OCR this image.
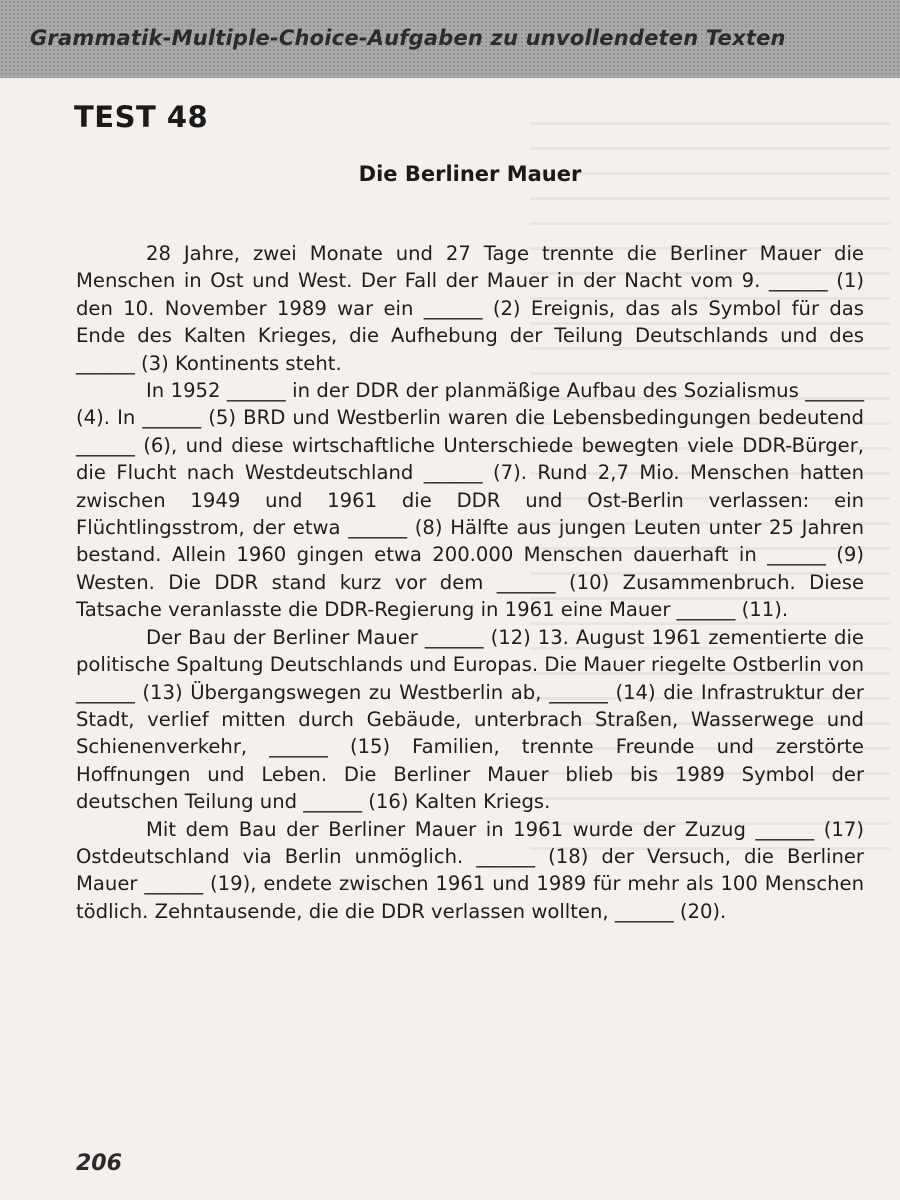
Grammatik-Multiple-Choice-Aufgaben zu unvollendeten Texten
TEST 48
Die Berliner Mauer

28 Jahre, zwei Monate und 27 Tage trennte die Berliner Mauer die Menschen in Ost und West. Der Fall der Mauer in der Nacht vom 9. ______ (1) den 10. November 1989 war ein ______ (2) Ereignis, das als Symbol für das Ende des Kalten Krieges, die Aufhebung der Teilung Deutschlands und des ______ (3) Kontinents steht.

In 1952 ______ in der DDR der planmäßige Aufbau des Sozialismus ______ (4). In ______ (5) BRD und Westberlin waren die Lebensbedingungen bedeutend ______ (6), und diese wirtschaftliche Unterschiede bewegten viele DDR-Bürger, die Flucht nach Westdeutschland ______ (7). Rund 2,7 Mio. Menschen hatten zwischen 1949 und 1961 die DDR und Ost-Berlin verlassen: ein Flüchtlingsstrom, der etwa ______ (8) Hälfte aus jungen Leuten unter 25 Jahren bestand. Allein 1960 gingen etwa 200.000 Menschen dauerhaft in ______ (9) Westen. Die DDR stand kurz vor dem ______ (10) Zusammenbruch. Diese Tatsache veranlasste die DDR-Regierung in 1961 eine Mauer ______ (11).

Der Bau der Berliner Mauer ______ (12) 13. August 1961 zementierte die politische Spaltung Deutschlands und Europas. Die Mauer riegelte Ostberlin von ______ (13) Übergangswegen zu Westberlin ab, ______ (14) die Infrastruktur der Stadt, verlief mitten durch Gebäude, unterbrach Straßen, Wasserwege und Schienenverkehr, ______ (15) Familien, trennte Freunde und zerstörte Hoffnungen und Leben. Die Berliner Mauer blieb bis 1989 Symbol der deutschen Teilung und ______ (16) Kalten Kriegs.

Mit dem Bau der Berliner Mauer in 1961 wurde der Zuzug ______ (17) Ostdeutschland via Berlin unmöglich. ______ (18) der Versuch, die Berliner Mauer ______ (19), endete zwischen 1961 und 1989 für mehr als 100 Menschen tödlich. Zehntausende, die die DDR verlassen wollten, ______ (20).

206
